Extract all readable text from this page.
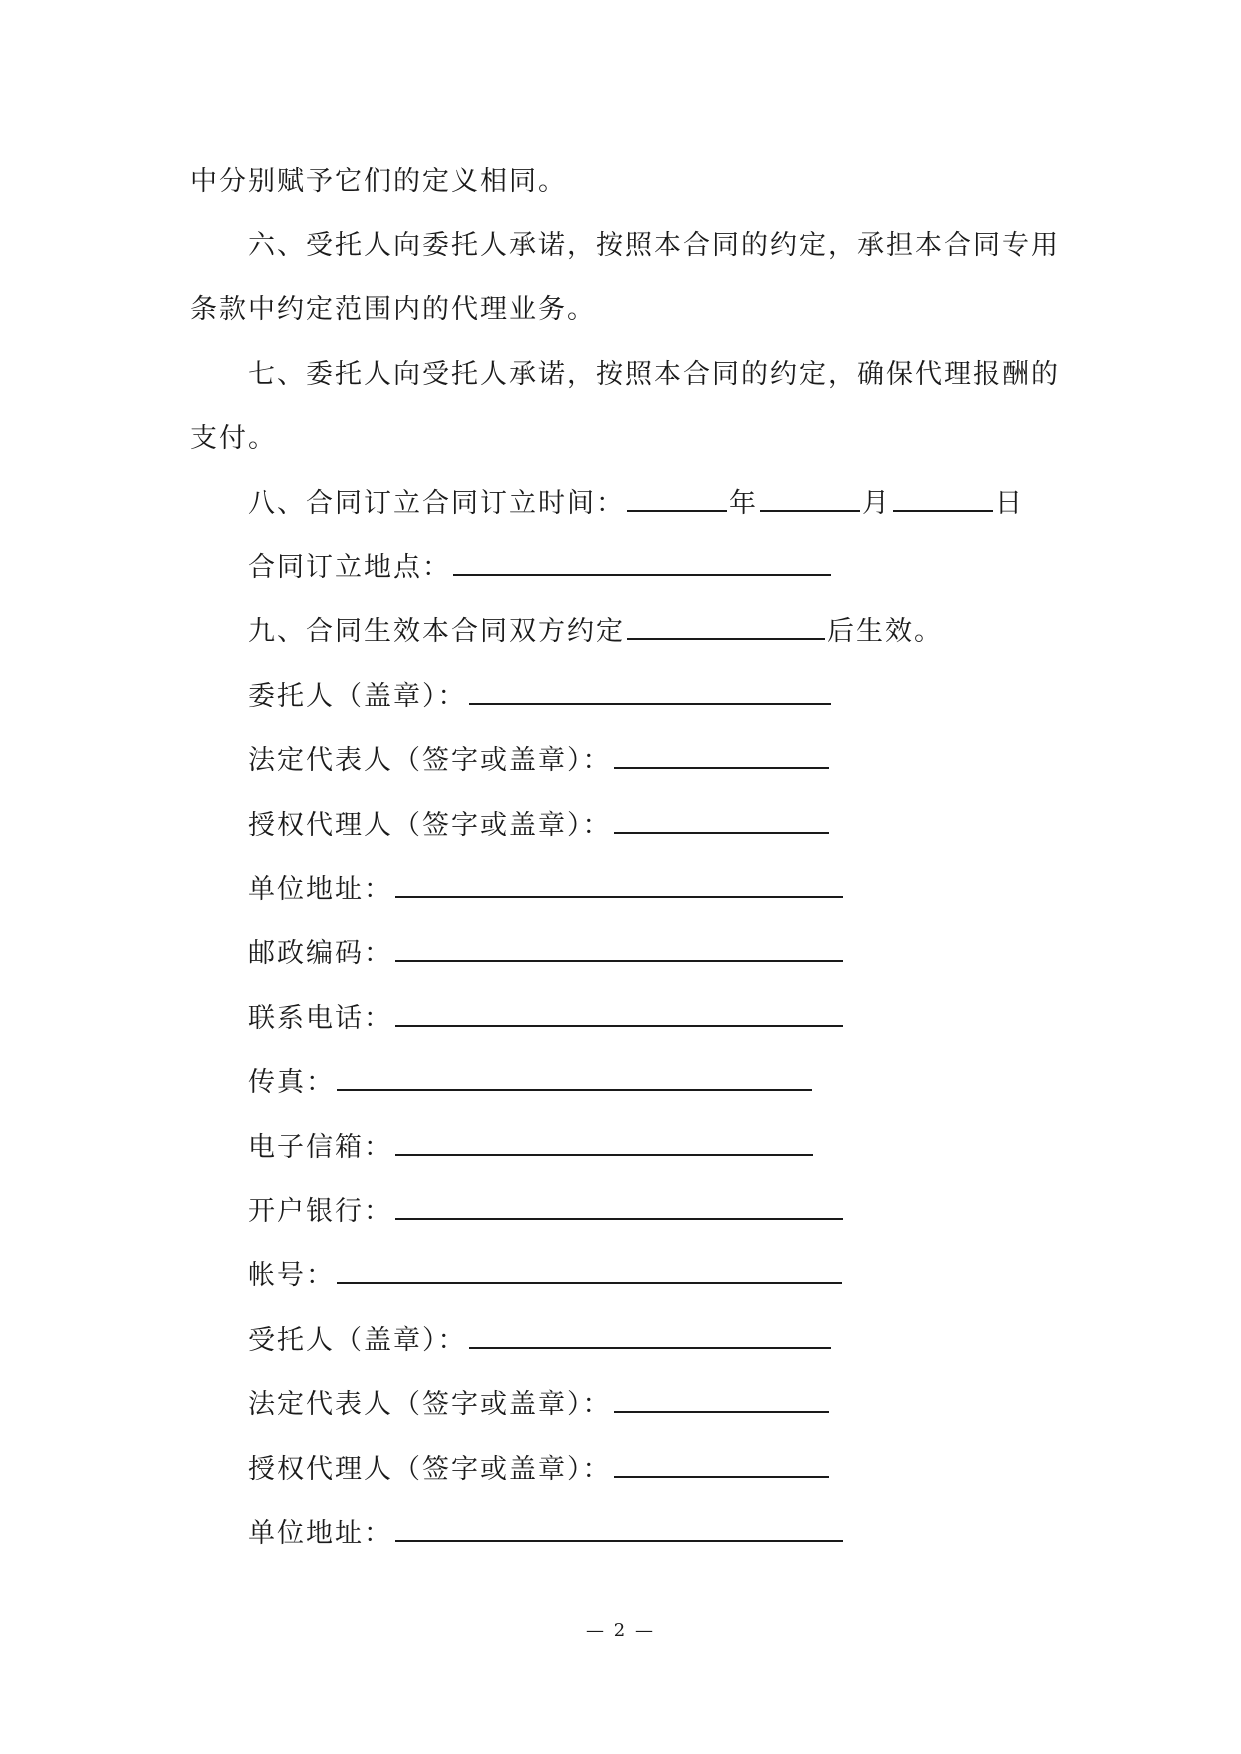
中分别赋予它们的定义相同。
六、受托人向委托人承诺，按照本合同的约定，承担本合同专用
条款中约定范围内的代理业务。
七、委托人向受托人承诺，按照本合同的约定，确保代理报酬的
支付。
八、合同订立合同订立时间：	年	月	日
合同订立地点：
九、合同生效本合同双方约定	后生效。
委托人（盖章）：
法定代表人（签字或盖章）：
授权代理人（签字或盖章）：
单位地址：
邮政编码：
联系电话：
传真：
电子信箱：
开户银行：
帐号：
受托人（盖章）：
法定代表人（签字或盖章）：
授权代理人（签字或盖章）：
单位地址：
— 2 —
